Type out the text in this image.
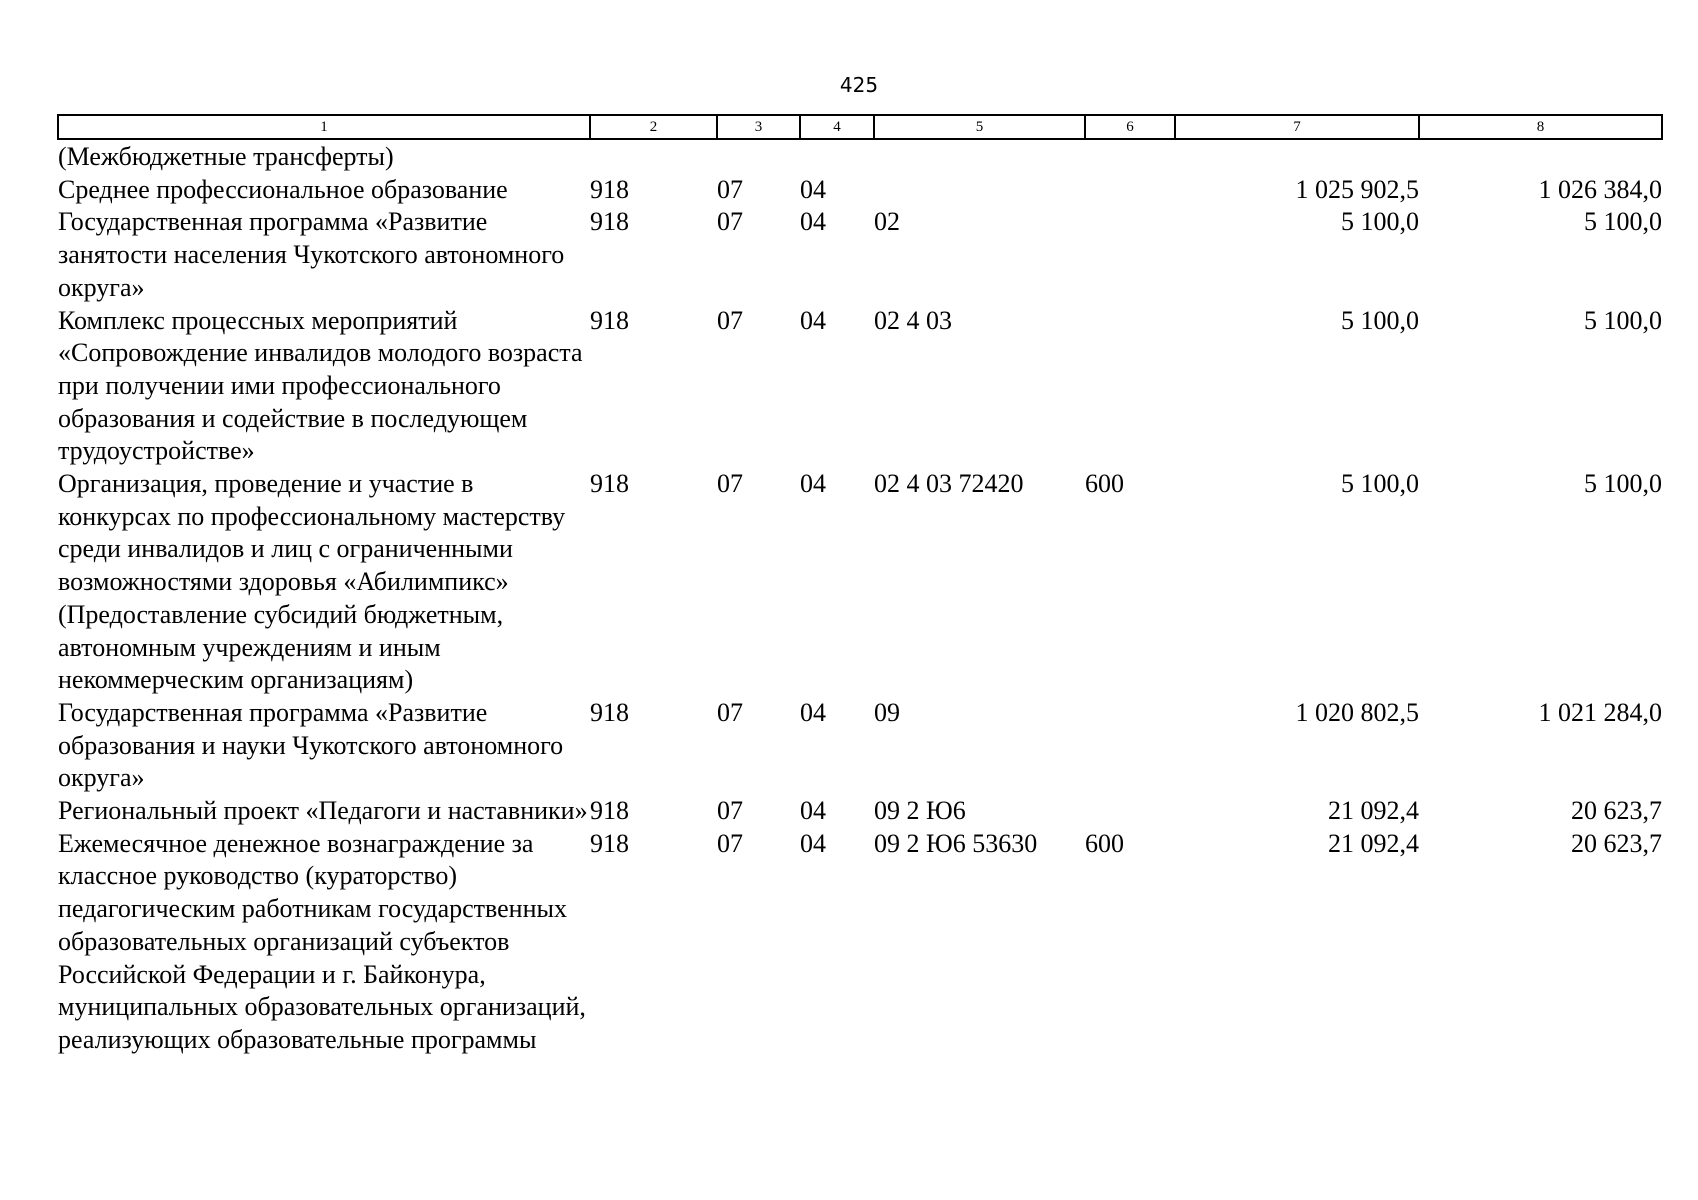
425
1	2	3	4	5	6	7	8
(Межбюджетные трансферты)							
Среднее профессиональное образование	918	07	04			1 025 902,5	1 026 384,0
Государственная программа «Развитие занятости населения Чукотского автономного округа»	918	07	04	02		5 100,0	5 100,0
Комплекс процессных мероприятий «Сопровождение инвалидов молодого возраста при получении ими профессионального образования и содействие в последующем трудоустройстве»	918	07	04	02 4 03		5 100,0	5 100,0
Организация, проведение и участие в конкурсах по профессиональному мастерству среди инвалидов и лиц с ограниченными возможностями здоровья «Абилимпикс» (Предоставление субсидий бюджетным, автономным учреждениям и иным некоммерческим организациям)	918	07	04	02 4 03 72420	600	5 100,0	5 100,0
Государственная программа «Развитие образования и науки Чукотского автономного округа»	918	07	04	09		1 020 802,5	1 021 284,0
Региональный проект «Педагоги и наставники»	918	07	04	09 2 Ю6		21 092,4	20 623,7
Ежемесячное денежное вознаграждение за классное руководство (кураторство) педагогическим работникам государственных образовательных организаций субъектов Российской Федерации и г. Байконура, муниципальных образовательных организаций, реализующих образовательные программы	918	07	04	09 2 Ю6 53630	600	21 092,4	20 623,7
